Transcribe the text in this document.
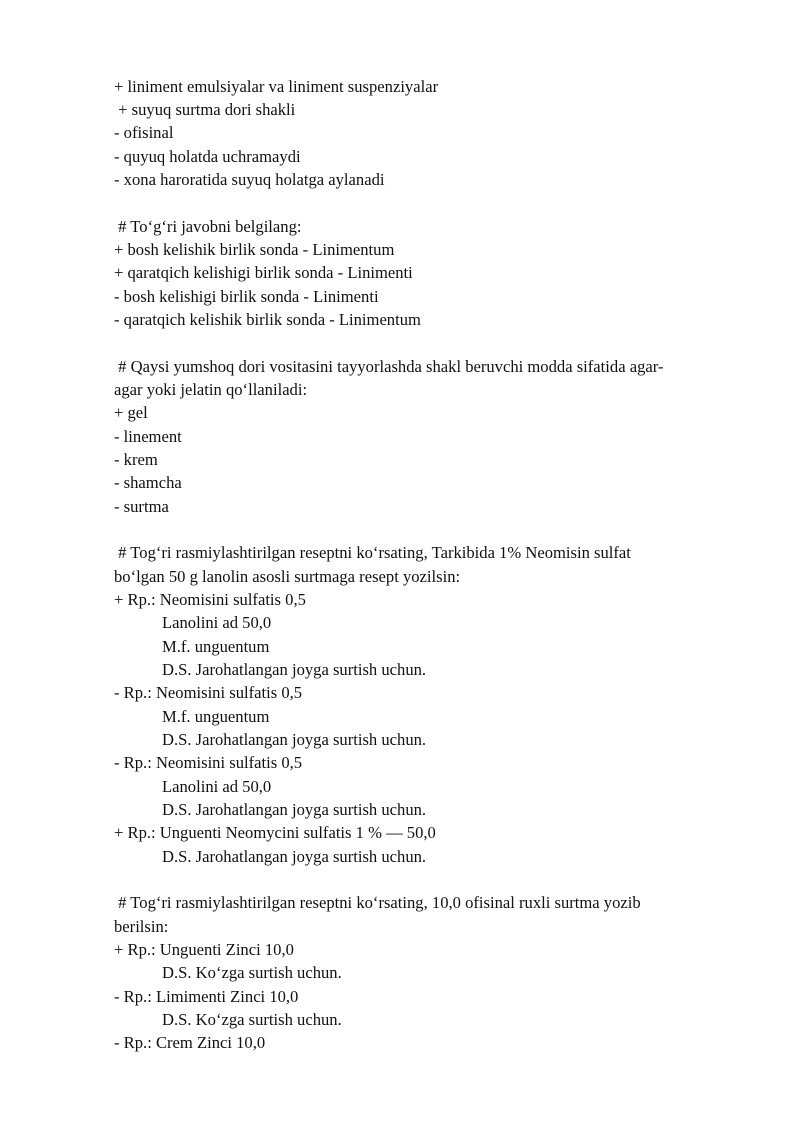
+ liniment emulsiyalar va liniment suspenziyalar
+ suyuq surtma dori shakli
- ofisinal
- quyuq holatda uchramaydi
- xona haroratida suyuq holatga aylanadi
# To‘g‘ri javobni belgilang:
+ bosh kelishik birlik sonda - Linimentum
+ qaratqich kelishigi birlik sonda - Linimenti
- bosh kelishigi birlik sonda - Linimenti
- qaratqich kelishik birlik sonda - Linimentum
# Qaysi yumshoq dori vositasini tayyorlashda shakl beruvchi modda sifatida agar-
agar yoki jelatin qo‘llaniladi:
+ gel
- linement
- krem
- shamcha
- surtma
# Tog‘ri rasmiylashtirilgan reseptni ko‘rsating, Tarkibida 1% Neomisin sulfat
bo‘lgan 50 g lanolin asosli surtmaga resept yozilsin:
+ Rp.: Neomisini sulfatis 0,5
Lanolini ad 50,0
M.f. unguentum
D.S. Jarohatlangan joyga surtish uchun.
- Rp.: Neomisini sulfatis 0,5
M.f. unguentum
D.S. Jarohatlangan joyga surtish uchun.
- Rp.: Neomisini sulfatis 0,5
Lanolini ad 50,0
D.S. Jarohatlangan joyga surtish uchun.
+ Rp.: Unguenti Neomycini sulfatis 1 % — 50,0
D.S. Jarohatlangan joyga surtish uchun.
# Tog‘ri rasmiylashtirilgan reseptni ko‘rsating, 10,0 ofisinal ruxli surtma yozib
berilsin:
+ Rp.: Unguenti Zinci 10,0
D.S. Ko‘zga surtish uchun.
- Rp.: Limimenti Zinci 10,0
D.S. Ko‘zga surtish uchun.
- Rp.: Crem Zinci 10,0
